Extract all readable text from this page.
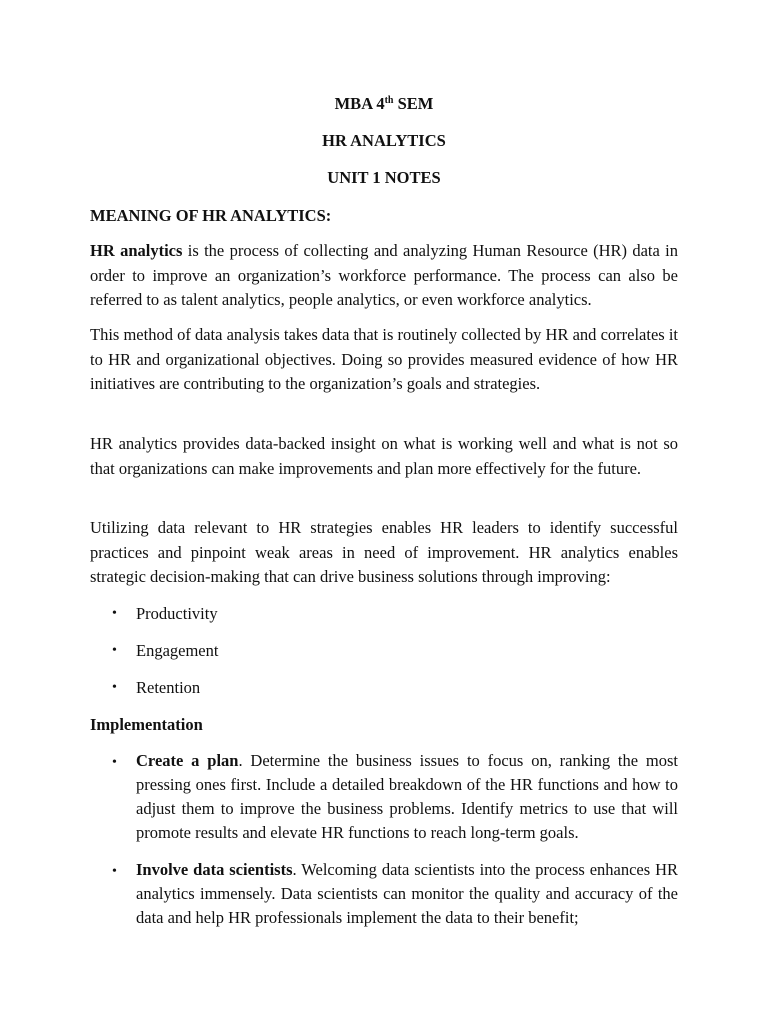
MBA 4th SEM
HR ANALYTICS
UNIT 1 NOTES
MEANING OF HR ANALYTICS:
HR analytics is the process of collecting and analyzing Human Resource (HR) data in order to improve an organization’s workforce performance. The process can also be referred to as talent analytics, people analytics, or even workforce analytics.
This method of data analysis takes data that is routinely collected by HR and correlates it to HR and organizational objectives. Doing so provides measured evidence of how HR initiatives are contributing to the organization’s goals and strategies.
HR analytics provides data-backed insight on what is working well and what is not so that organizations can make improvements and plan more effectively for the future.
Utilizing data relevant to HR strategies enables HR leaders to identify successful practices and pinpoint weak areas in need of improvement. HR analytics enables strategic decision-making that can drive business solutions through improving:
• Productivity
• Engagement
• Retention
Implementation
• Create a plan. Determine the business issues to focus on, ranking the most pressing ones first. Include a detailed breakdown of the HR functions and how to adjust them to improve the business problems. Identify metrics to use that will promote results and elevate HR functions to reach long-term goals.
• Involve data scientists. Welcoming data scientists into the process enhances HR analytics immensely. Data scientists can monitor the quality and accuracy of the data and help HR professionals implement the data to their benefit;
